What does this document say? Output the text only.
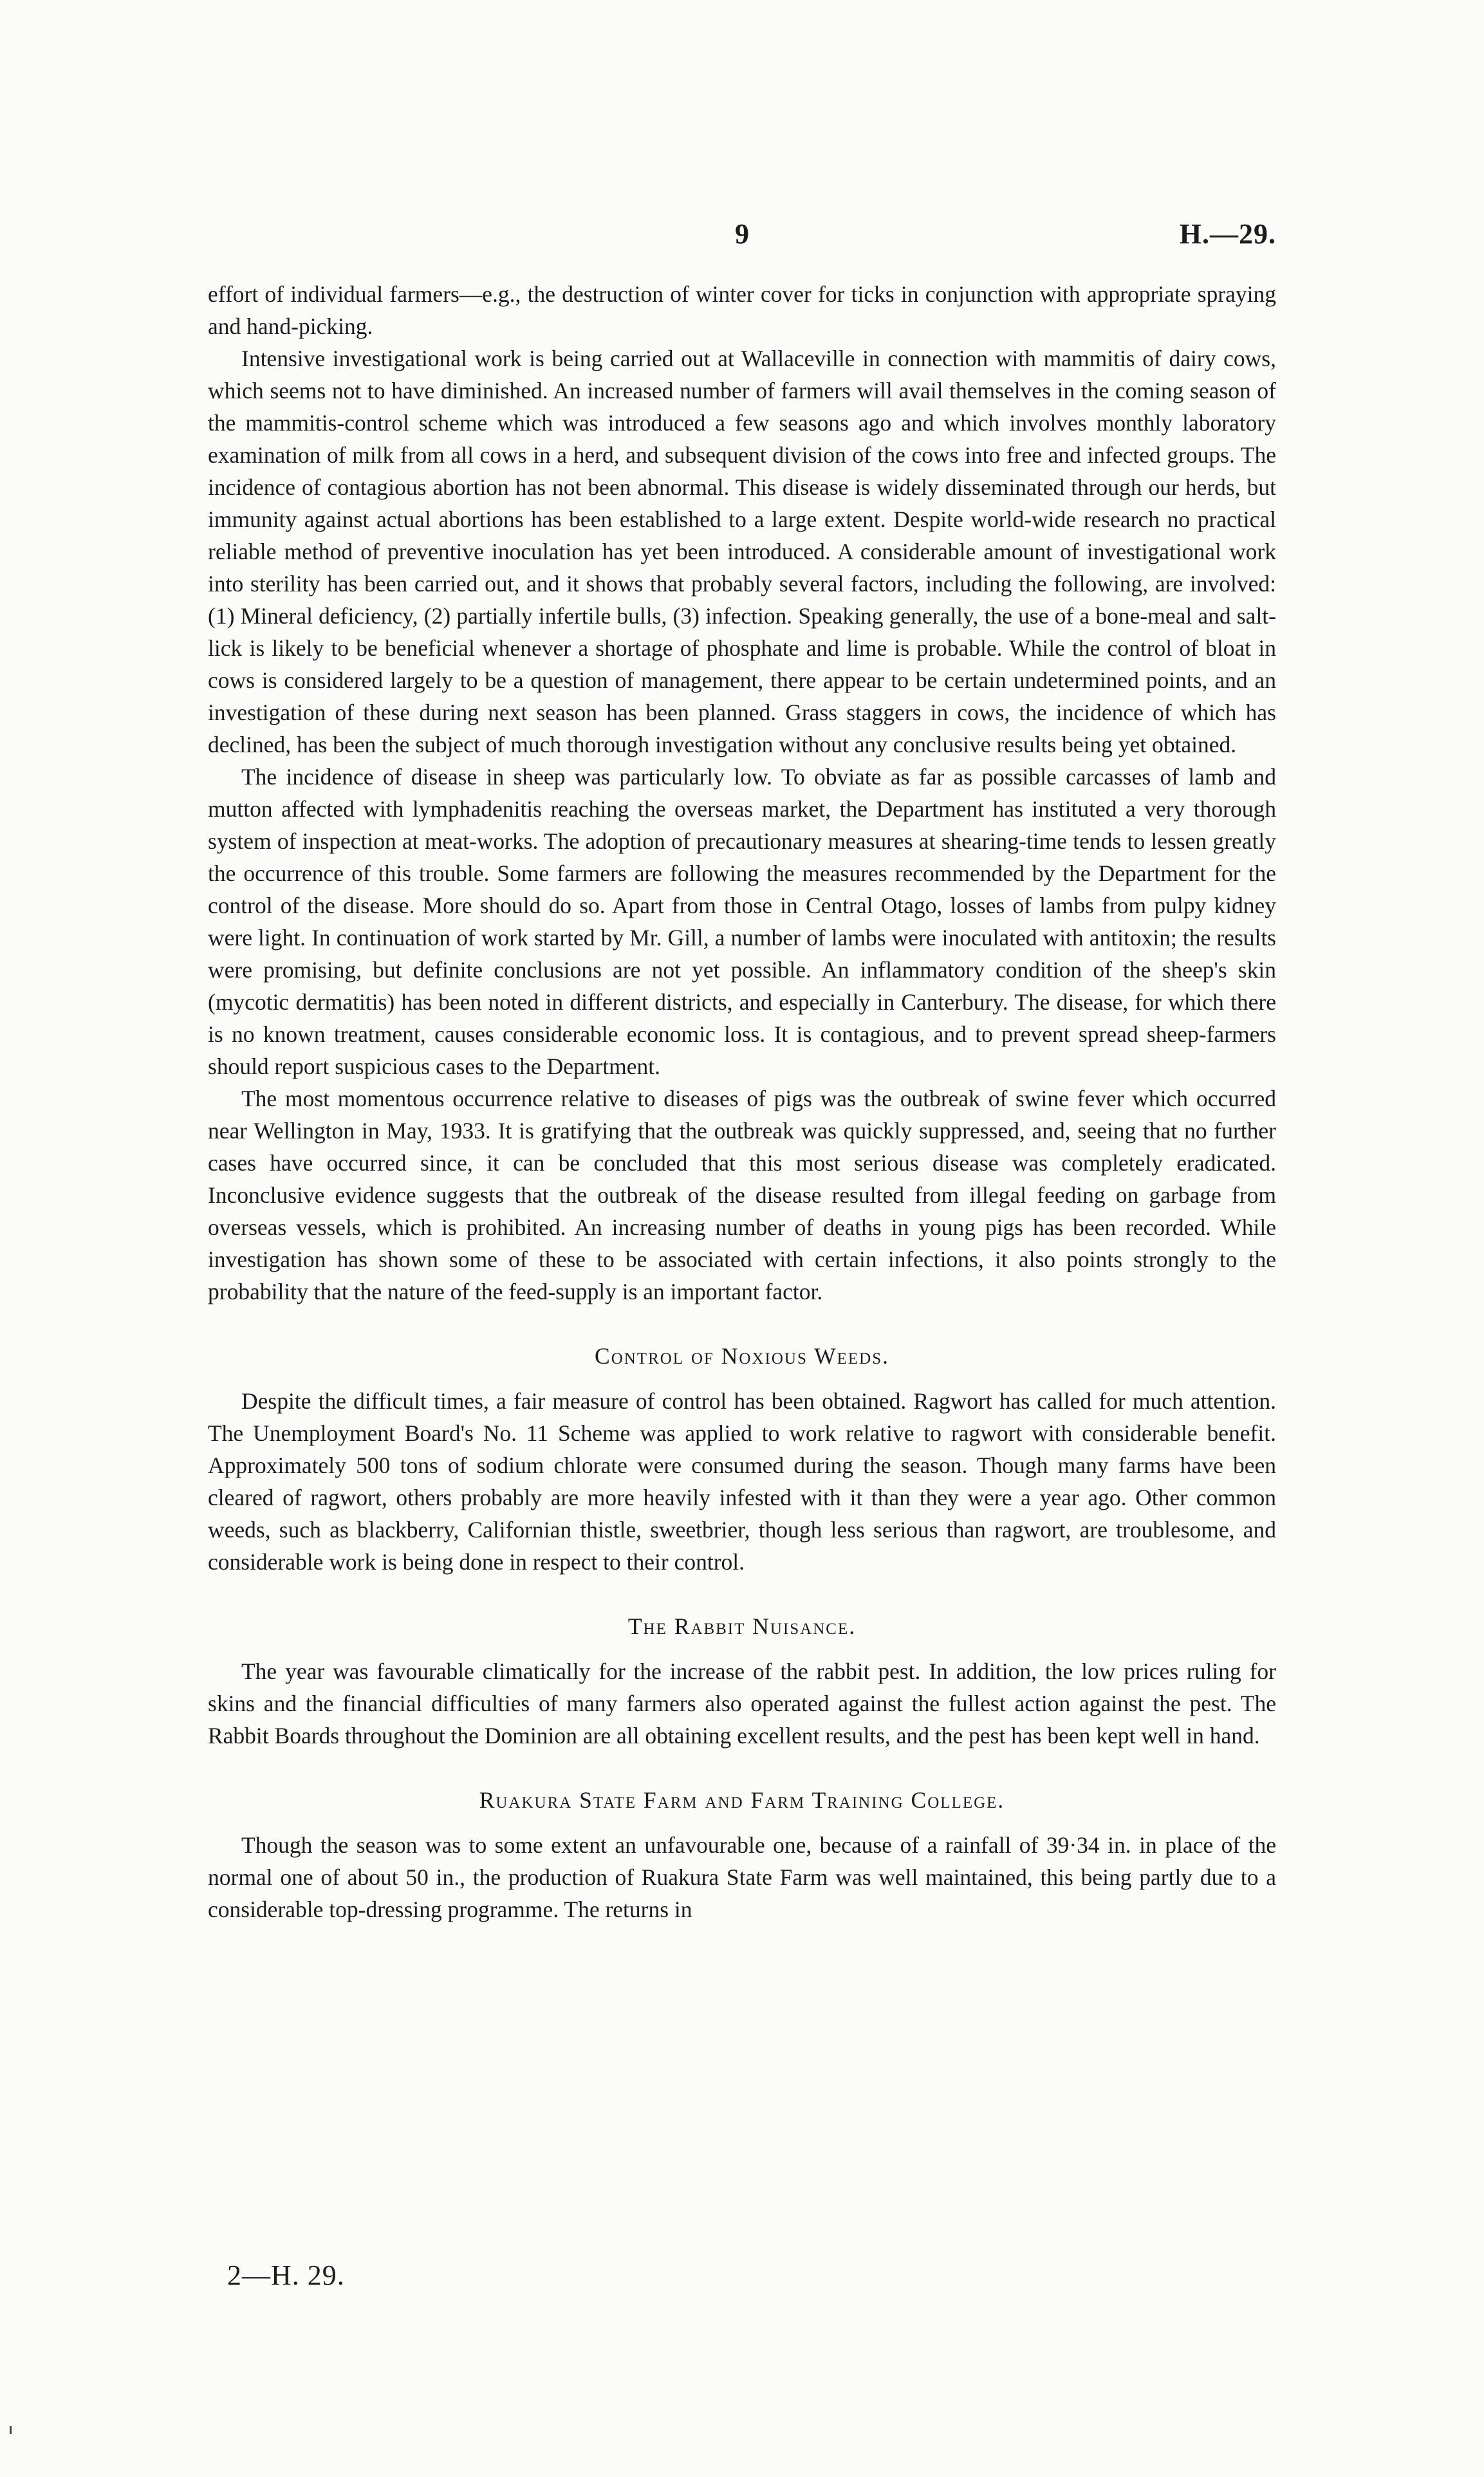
9	H.—29.

effort of individual farmers—e.g., the destruction of winter cover for ticks in conjunction with appropriate spraying and hand-picking.

Intensive investigational work is being carried out at Wallaceville in connection with mammitis of dairy cows, which seems not to have diminished. An increased number of farmers will avail themselves in the coming season of the mammitis-control scheme which was introduced a few seasons ago and which involves monthly laboratory examination of milk from all cows in a herd, and subsequent division of the cows into free and infected groups. The incidence of contagious abortion has not been abnormal. This disease is widely disseminated through our herds, but immunity against actual abortions has been established to a large extent. Despite world-wide research no practical reliable method of preventive inoculation has yet been introduced. A considerable amount of investigational work into sterility has been carried out, and it shows that probably several factors, including the following, are involved: (1) Mineral deficiency, (2) partially infertile bulls, (3) infection. Speaking generally, the use of a bone-meal and salt-lick is likely to be beneficial whenever a shortage of phosphate and lime is probable. While the control of bloat in cows is considered largely to be a question of management, there appear to be certain undetermined points, and an investigation of these during next season has been planned. Grass staggers in cows, the incidence of which has declined, has been the subject of much thorough investigation without any conclusive results being yet obtained.

The incidence of disease in sheep was particularly low. To obviate as far as possible carcasses of lamb and mutton affected with lymphadenitis reaching the overseas market, the Department has instituted a very thorough system of inspection at meat-works. The adoption of precautionary measures at shearing-time tends to lessen greatly the occurrence of this trouble. Some farmers are following the measures recommended by the Department for the control of the disease. More should do so. Apart from those in Central Otago, losses of lambs from pulpy kidney were light. In continuation of work started by Mr. Gill, a number of lambs were inoculated with antitoxin; the results were promising, but definite conclusions are not yet possible. An inflammatory condition of the sheep's skin (mycotic dermatitis) has been noted in different districts, and especially in Canterbury. The disease, for which there is no known treatment, causes considerable economic loss. It is contagious, and to prevent spread sheep-farmers should report suspicious cases to the Department.

The most momentous occurrence relative to diseases of pigs was the outbreak of swine fever which occurred near Wellington in May, 1933. It is gratifying that the outbreak was quickly suppressed, and, seeing that no further cases have occurred since, it can be concluded that this most serious disease was completely eradicated. Inconclusive evidence suggests that the outbreak of the disease resulted from illegal feeding on garbage from overseas vessels, which is prohibited. An increasing number of deaths in young pigs has been recorded. While investigation has shown some of these to be associated with certain infections, it also points strongly to the probability that the nature of the feed-supply is an important factor.

Control of Noxious Weeds.

Despite the difficult times, a fair measure of control has been obtained. Ragwort has called for much attention. The Unemployment Board's No. 11 Scheme was applied to work relative to ragwort with considerable benefit. Approximately 500 tons of sodium chlorate were consumed during the season. Though many farms have been cleared of ragwort, others probably are more heavily infested with it than they were a year ago. Other common weeds, such as blackberry, Californian thistle, sweetbrier, though less serious than ragwort, are troublesome, and considerable work is being done in respect to their control.

The Rabbit Nuisance.

The year was favourable climatically for the increase of the rabbit pest. In addition, the low prices ruling for skins and the financial difficulties of many farmers also operated against the fullest action against the pest. The Rabbit Boards throughout the Dominion are all obtaining excellent results, and the pest has been kept well in hand.

Ruakura State Farm and Farm Training College.

Though the season was to some extent an unfavourable one, because of a rainfall of 39·34 in. in place of the normal one of about 50 in., the production of Ruakura State Farm was well maintained, this being partly due to a considerable top-dressing programme. The returns in

2—H. 29.
